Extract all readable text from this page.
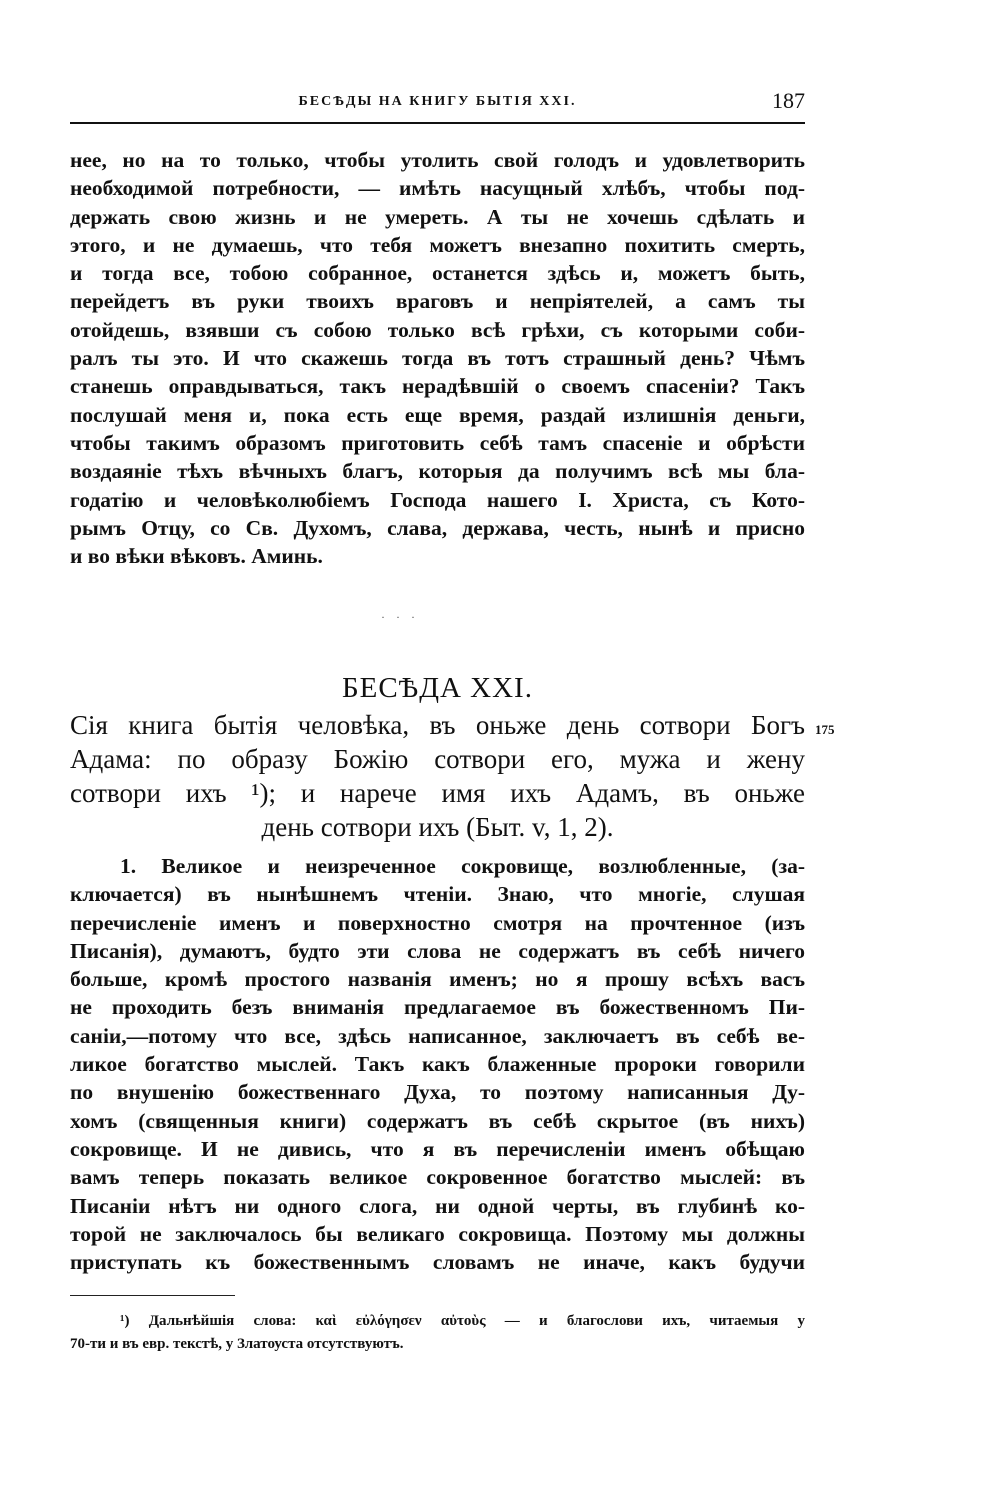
БЕСѢДЫ НА КНИГУ БЫТІЯ XXI.	187
нее, но на то только, чтобы утолить свой голодъ и удовлетворить
необходимой потребности, — имѣть насущный хлѣбъ, чтобы под-
держать свою жизнь и не умереть. А ты не хочешь сдѣлать и
этого, и не думаешь, что тебя можетъ внезапно похитить смерть,
и тогда все, тобою собранное, останется здѣсь и, можетъ быть,
перейдетъ въ руки твоихъ враговъ и непріятелей, а самъ ты
отойдешь, взявши съ собою только всѣ грѣхи, съ которыми соби-
ралъ ты это. И что скажешь тогда въ тотъ страшный день? Чѣмъ
станешь оправдываться, такъ нерадѣвшій о своемъ спасеніи? Такъ
послушай меня и, пока есть еще время, раздай излишнія деньги,
чтобы такимъ образомъ приготовить себѣ тамъ спасеніе и обрѣсти
воздаяніе тѣхъ вѣчныхъ благъ, которыя да получимъ всѣ мы бла-
годатію и человѣколюбіемъ Господа нашего І. Христа, съ Кото-
рымъ Отцу, со Св. Духомъ, слава, держава, честь, нынѣ и присно
и во вѣки вѣковъ. Аминь.
· · ·
БЕСѢДА XXI.
175
Сія книга бытія человѣка, въ оньже день сотвори Богъ
Адама: по образу Божію сотвори его, мужа и жену
сотвори ихъ ¹); и нарече имя ихъ Адамъ, въ оньже
день сотвори ихъ (Быт. v, 1, 2).
1. Великое и неизреченное сокровище, возлюбленные, (за-
ключается) въ нынѣшнемъ чтеніи. Знаю, что многіе, слушая
перечисленіе именъ и поверхностно смотря на прочтенное (изъ
Писанія), думаютъ, будто эти слова не содержатъ въ себѣ ничего
больше, кромѣ простого названія именъ; но я прошу всѣхъ васъ
не проходить безъ вниманія предлагаемое въ божественномъ Пи-
саніи,—потому что все, здѣсь написанное, заключаетъ въ себѣ ве-
ликое богатство мыслей. Такъ какъ блаженные пророки говорили
по внушенію божественнаго Духа, то поэтому написанныя Ду-
хомъ (священныя книги) содержатъ въ себѣ скрытое (въ нихъ)
сокровище. И не дивись, что я въ перечисленіи именъ обѣщаю
вамъ теперь показать великое сокровенное богатство мыслей: въ
Писаніи нѣтъ ни одного слога, ни одной черты, въ глубинѣ ко-
торой не заключалось бы великаго сокровища. Поэтому мы должны
приступать къ божественнымъ словамъ не иначе, какъ будучи
¹) Дальнѣйшія слова: καὶ εὐλόγησεν αὐτοὺς — и благослови ихъ, читаемыя у
70-ти и въ евр. текстѣ, у Златоуста отсутствуютъ.
